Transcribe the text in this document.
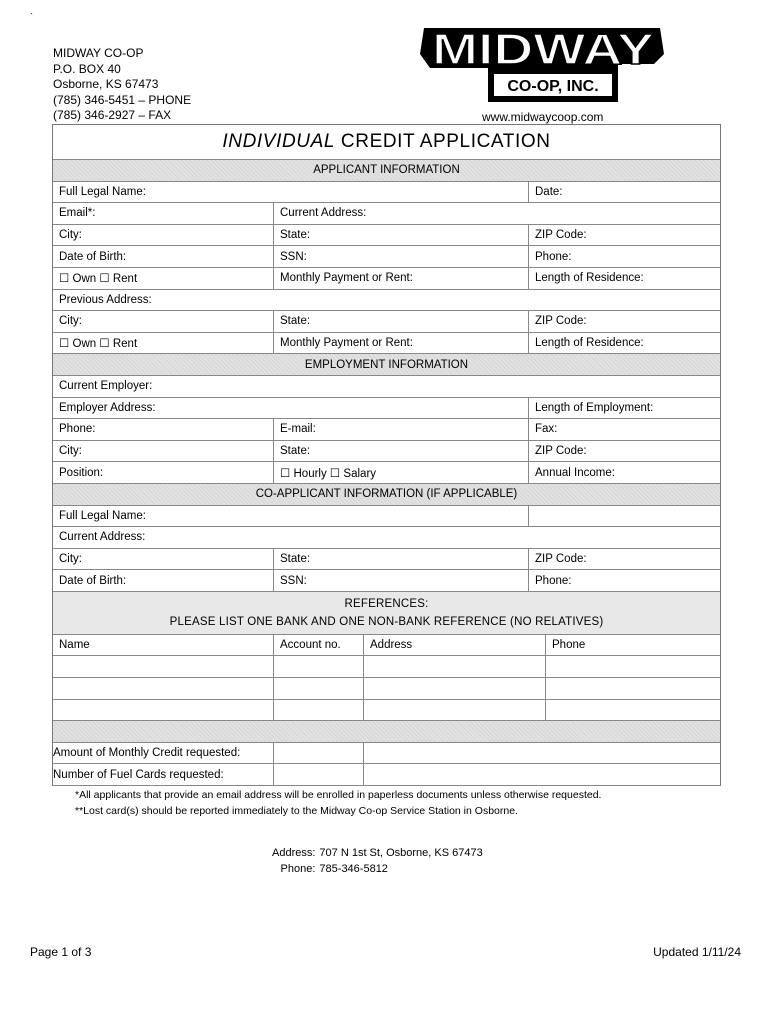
`
MIDWAY CO-OP
P.O. BOX 40
Osborne, KS 67473
(785) 346-5451 – PHONE
(785) 346-2927 – FAX
MIDWAY
CO-OP, INC.
www.midwaycoop.com
INDIVIDUAL CREDIT APPLICATION
APPLICANT INFORMATION
Full Legal Name:	Date:
Email*:	Current Address:
City:	State:	ZIP Code:
Date of Birth:	SSN:	Phone:
☐ Own ☐ Rent	Monthly Payment or Rent:	Length of Residence:
Previous Address:
City:	State:	ZIP Code:
☐ Own ☐ Rent	Monthly Payment or Rent:	Length of Residence:
EMPLOYMENT INFORMATION
Current Employer:
Employer Address:	Length of Employment:
Phone:	E-mail:	Fax:
City:	State:	ZIP Code:
Position:	☐ Hourly ☐ Salary	Annual Income:
CO-APPLICANT INFORMATION (IF APPLICABLE)
Full Legal Name:
Current Address:
City:	State:	ZIP Code:
Date of Birth:	SSN:	Phone:
REFERENCES:
PLEASE LIST ONE BANK AND ONE NON-BANK REFERENCE (NO RELATIVES)
Name	Account no.	Address	Phone
Amount of Monthly Credit requested:
Number of Fuel Cards requested:
*All applicants that provide an email address will be enrolled in paperless documents unless otherwise requested.
**Lost card(s) should be reported immediately to the Midway Co-op Service Station in Osborne.
Address:	707 N 1st St, Osborne, KS 67473
Phone:	785-346-5812
Page 1 of 3	Updated 1/11/24
